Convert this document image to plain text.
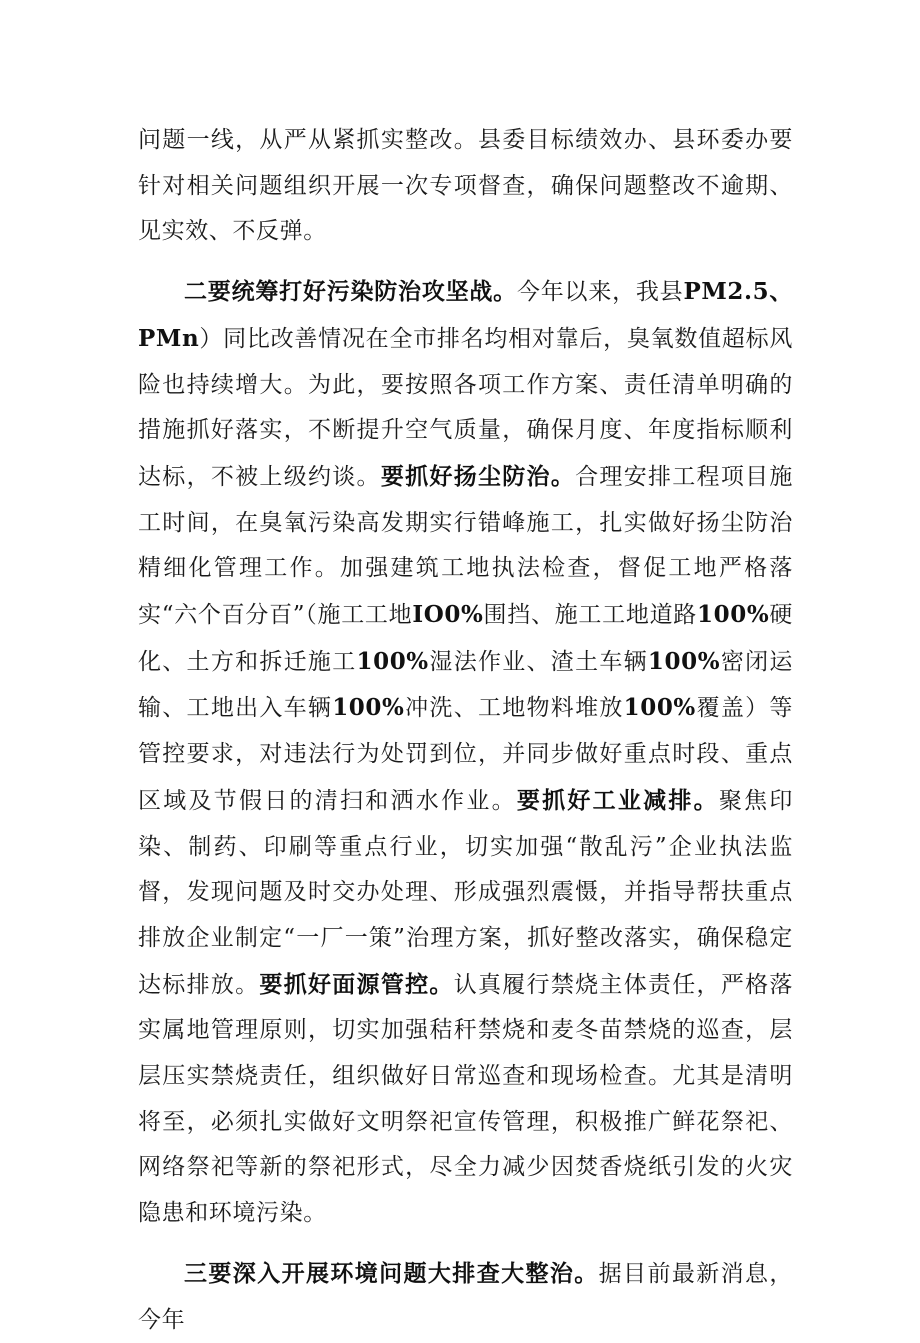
问题一线，从严从紧抓实整改。县委目标绩效办、县环委办要针对相关问题组织开展一次专项督查，确保问题整改不逾期、见实效、不反弹。

二要统筹打好污染防治攻坚战。今年以来，我县PM2.5、PMn）同比改善情况在全市排名均相对靠后，臭氧数值超标风险也持续增大。为此，要按照各项工作方案、责任清单明确的措施抓好落实，不断提升空气质量，确保月度、年度指标顺利达标，不被上级约谈。要抓好扬尘防治。合理安排工程项目施工时间，在臭氧污染高发期实行错峰施工，扎实做好扬尘防治精细化管理工作。加强建筑工地执法检查，督促工地严格落实“六个百分百”（施工工地IO0%围挡、施工工地道路100%硬化、土方和拆迁施工100%湿法作业、渣土车辆100%密闭运输、工地出入车辆100%冲洗、工地物料堆放100%覆盖）等管控要求，对违法行为处罚到位，并同步做好重点时段、重点区域及节假日的清扫和洒水作业。要抓好工业减排。聚焦印染、制药、印刷等重点行业，切实加强“散乱污”企业执法监督，发现问题及时交办处理、形成强烈震慑，并指导帮扶重点排放企业制定“一厂一策”治理方案，抓好整改落实，确保稳定达标排放。要抓好面源管控。认真履行禁烧主体责任，严格落实属地管理原则，切实加强秸秆禁烧和麦冬苗禁烧的巡查，层层压实禁烧责任，组织做好日常巡查和现场检查。尤其是清明将至，必须扎实做好文明祭祀宣传管理，积极推广鲜花祭祀、网络祭祀等新的祭祀形式，尽全力减少因焚香烧纸引发的火灾隐患和环境污染。

三要深入开展环境问题大排查大整治。据目前最新消息，今年
